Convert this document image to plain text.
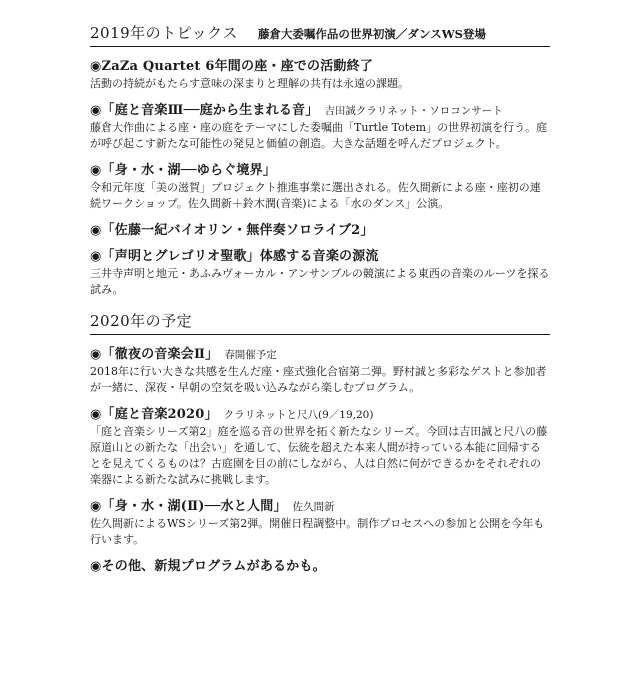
2019年のトピックス 藤倉大委嘱作品の世界初演／ダンスWS登場
◉ZaZa Quartet 6年間の座・座での活動終了
活動の持続がもたらす意味の深まりと理解の共有は永遠の課題。
◉「庭と音楽Ⅲ──庭から生まれる音」 吉田誠クラリネット・ソロコンサート
藤倉大作曲による座・座の庭をテーマにした委嘱曲「Turtle Totem」の世界初演を行う。庭が呼び起こす新たな可能性の発見と価値の創造。大きな話題を呼んだプロジェクト。
◉「身・水・湖──ゆらぐ境界」
令和元年度「美の滋賀」プロジェクト推進事業に選出される。佐久間新による座・座初の連続ワークショップ。佐久間新＋鈴木潤(音楽)による「水のダンス」公演。
◉「佐藤一紀バイオリン・無伴奏ソロライブ2」
◉「声明とグレゴリオ聖歌」体感する音楽の源流
三井寺声明と地元・あふみヴォーカル・アンサンブルの競演による東西の音楽のルーツを探る試み。
2020年の予定
◉「徹夜の音楽会Ⅱ」 春開催予定
2018年に行い大きな共感を生んだ座・座式強化合宿第二弾。野村誠と多彩なゲストと参加者が一緒に、深夜・早朝の空気を吸い込みながら楽しむプログラム。
◉「庭と音楽2020」 クラリネットと尺八(9／19,20)
「庭と音楽シリーズ第2」庭を巡る音の世界を拓く新たなシリーズ。今回は吉田誠と尺八の藤原道山との新たな「出会い」を通して、伝統を超えた本来人間が持っている本能に回帰するとを見えてくるものは？古庭園を目の前にしながら、人は自然に何ができるかをそれぞれの楽器による新たな試みに挑戦します。
◉「身・水・湖(Ⅱ)──水と人間」 佐久間新
佐久間新によるWSシリーズ第2弾。開催日程調整中。制作プロセスへの参加と公開を今年も行います。
◉その他、新規プログラムがあるかも。
